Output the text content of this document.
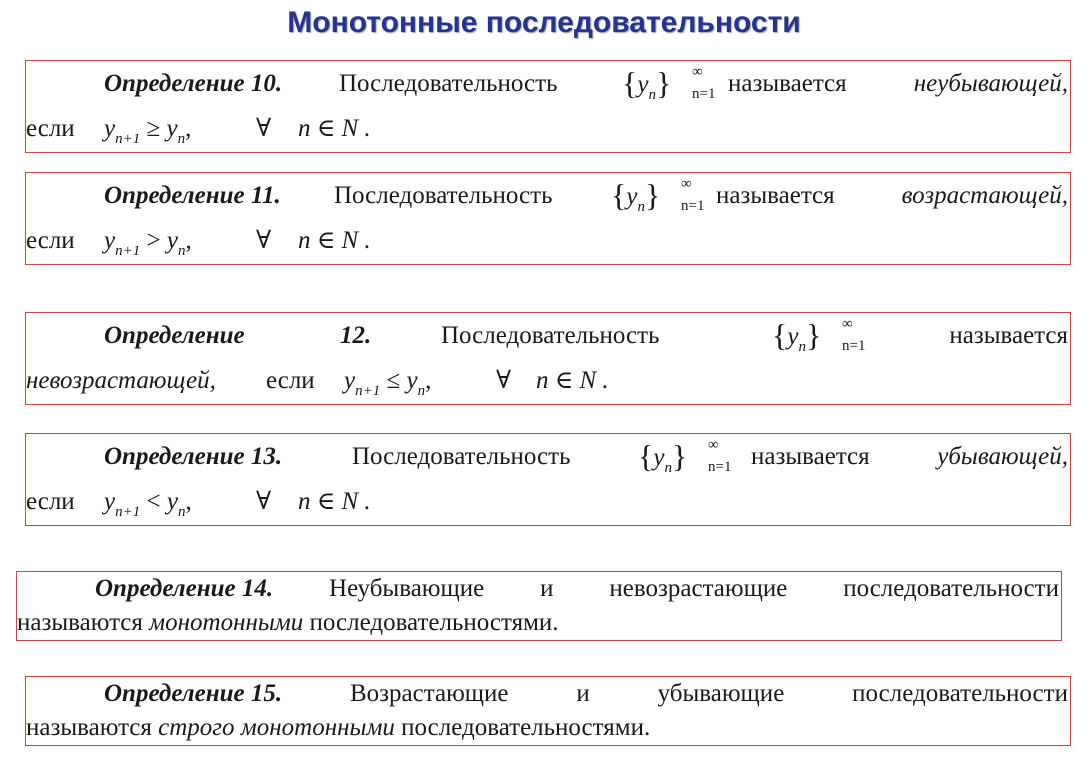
Монотонные последовательности
Определение 10. Последовательность $\{y_n\}$ ∞
n=1 называется	неубывающей,
если $y_{n+1} \ge y_n$,	∀ n ∈ N .
Определение 11. Последовательность $\{y_n\}$ ∞
n=1 называется	возрастающей,
если $y_{n+1} > y_n$,	∀ n ∈ N .
Определение	12.	Последовательность	$\{y_n\}$ ∞
n=1	называется
невозрастающей, если $y_{n+1} \le y_n$,	∀ n ∈ N .
Определение 13.	Последовательность $\{y_n\}$ ∞
n=1 называется	убывающей,
если $y_{n+1} < y_n$,	∀ n ∈ N .
Определение 14. Неубывающие и невозрастающие последовательности
называются монотонными последовательностями.
Определение 15.	Возрастающие	и	убывающие	последовательности
называются строго монотонными последовательностями.
